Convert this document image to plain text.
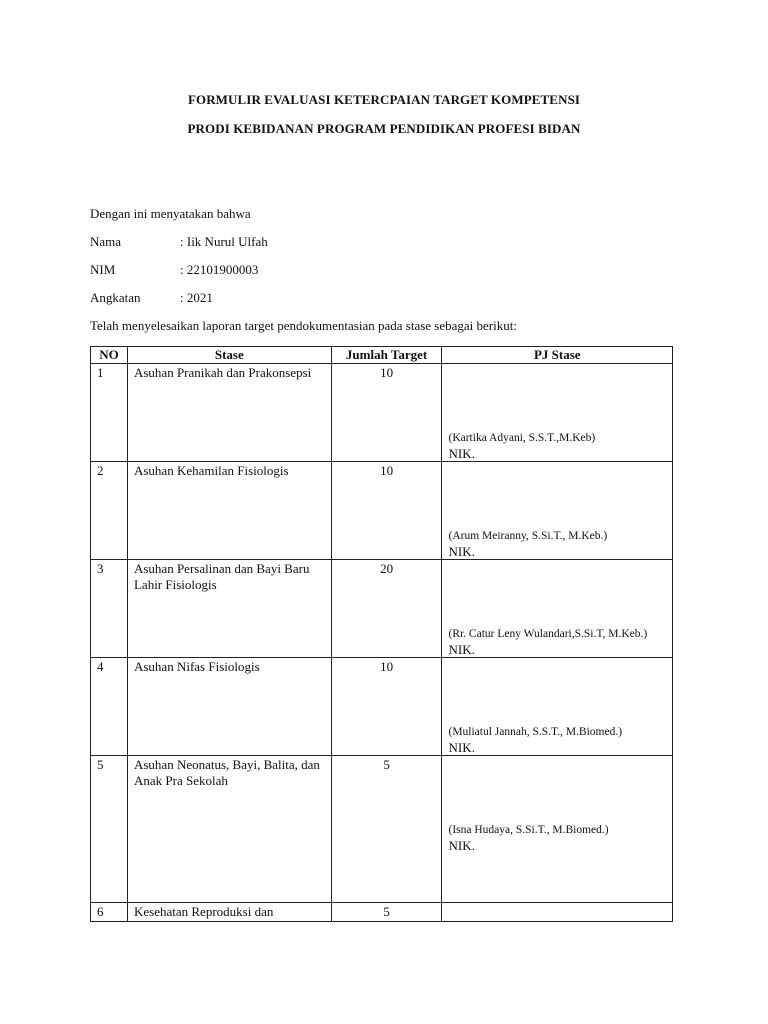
FORMULIR EVALUASI KETERCPAIAN TARGET KOMPETENSI
PRODI KEBIDANAN PROGRAM PENDIDIKAN PROFESI BIDAN
Dengan ini menyatakan bahwa
Nama	: Iik Nurul Ulfah
NIM	: 22101900003
Angkatan	: 2021
Telah menyelesaikan laporan target pendokumentasian pada stase sebagai berikut:
NO	Stase	Jumlah Target	PJ Stase
1	Asuhan Pranikah dan Prakonsepsi	10	(Kartika Adyani, S.S.T.,M.Keb)
NIK.

2	Asuhan Kehamilan Fisiologis	10	(Arum Meiranny, S.Si.T., M.Keb.)
NIK.

3	Asuhan Persalinan dan Bayi Baru Lahir Fisiologis	20	(Rr. Catur Leny Wulandari,S.Si.T, M.Keb.)
NIK.

4	Asuhan Nifas Fisiologis	10	(Muliatul Jannah, S.S.T., M.Biomed.)
NIK.

5	Asuhan Neonatus, Bayi, Balita, dan Anak Pra Sekolah	5	(Isna Hudaya, S.Si.T., M.Biomed.)
NIK.

6	Kesehatan Reproduksi dan	5	
